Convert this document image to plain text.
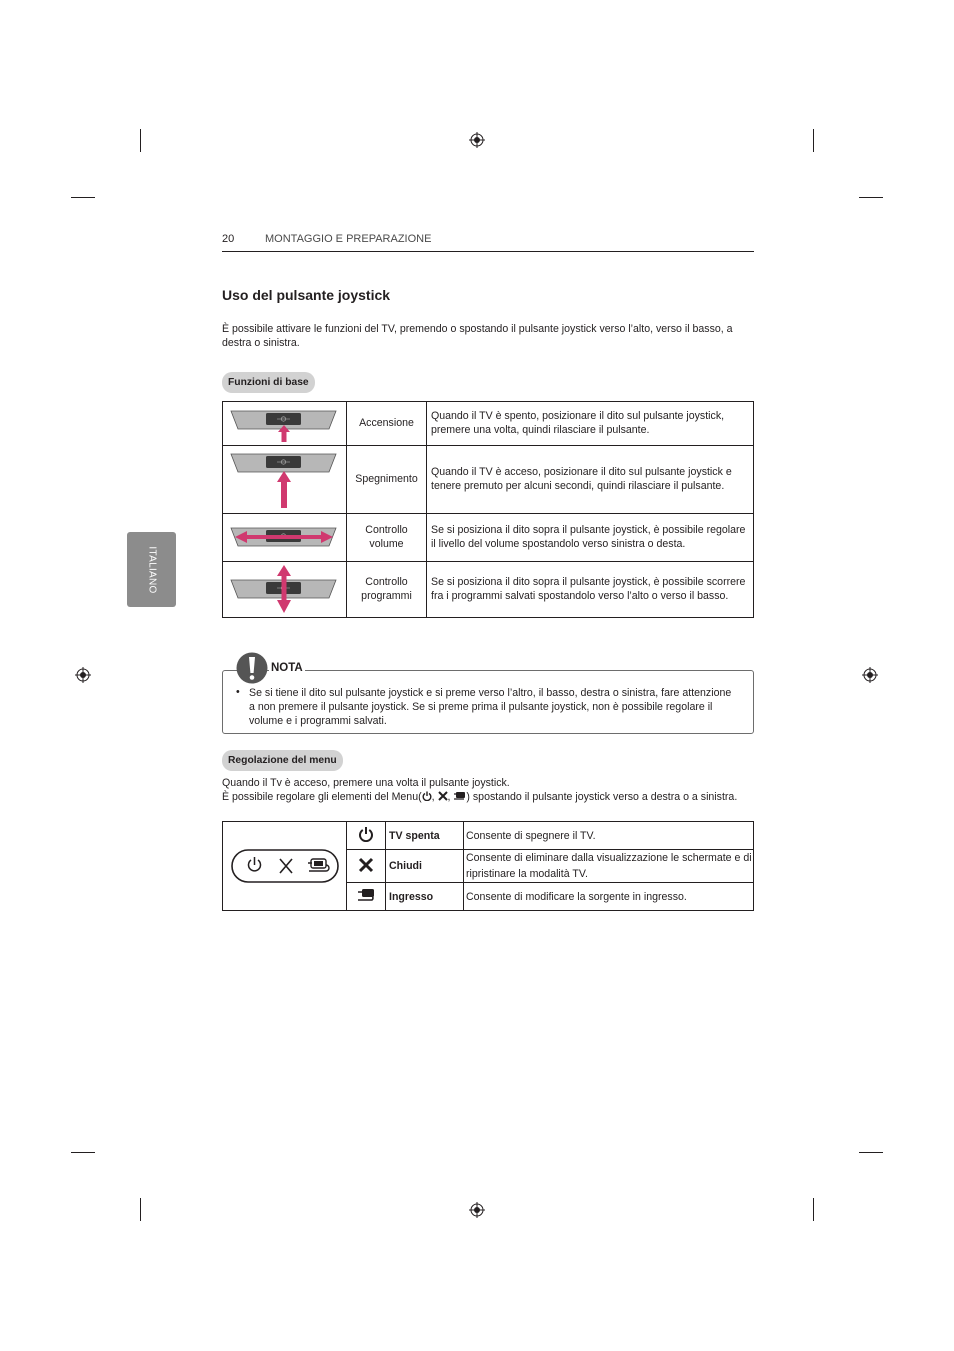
20	MONTAGGIO E PREPARAZIONE
ITALIANO
Uso del pulsante joystick

È possibile attivare le funzioni del TV, premendo o spostando il pulsante joystick verso l’alto, verso il basso, a destra o sinistra.

Funzioni di base
	Accensione	Quando il TV è spento, posizionare il dito sul pulsante joystick, premere una volta, quindi rilasciare il pulsante.

	Spegnimento	Quando il TV è acceso, posizionare il dito sul pulsante joystick e tenere premuto per alcuni secondi, quindi rilasciare il pulsante.

	Controllo volume	Se si posiziona il dito sopra il pulsante joystick, è possibile regolare il livello del volume spostandolo verso sinistra o desta.

	Controllo programmi	Se si posiziona il dito sopra il pulsante joystick, è possibile scorrere fra i programmi salvati spostandolo verso l’alto o verso il basso.
NOTA
• Se si tiene il dito sul pulsante joystick e si preme verso l’altro, il basso, destra o sinistra, fare attenzione a non premere il pulsante joystick. Se si preme prima il pulsante joystick, non è possibile regolare il volume e i programmi salvati.

Regolazione del menu

Quando il Tv è acceso, premere una volta il pulsante joystick.
È possibile regolare gli elementi del Menu( , , ) spostando il pulsante joystick verso a destra o a sinistra.

		TV spenta	Consente di spegnere il TV.
	Chiudi	Consente di eliminare dalla visualizzazione le schermate e di ripristinare la modalità TV.
	Ingresso	Consente di modificare la sorgente in ingresso.
